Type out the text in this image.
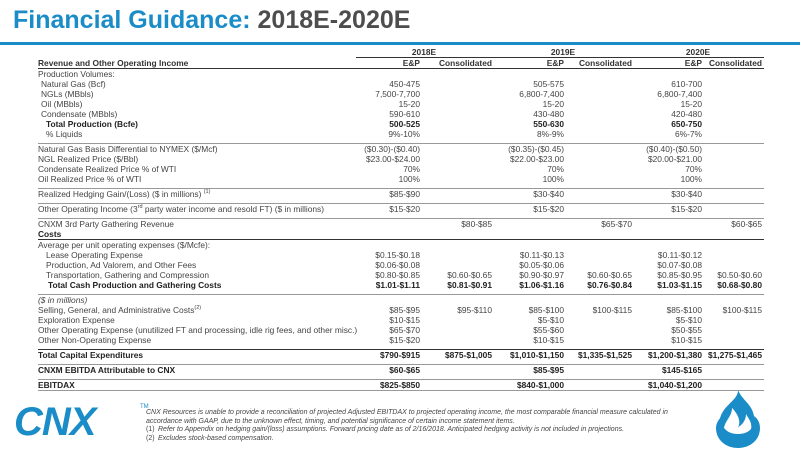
Financial Guidance: 2018E-2020E
	2018E		2019E		2020E	
Revenue and Other Operating Income	E&P	Consolidated	E&P	Consolidated	E&P	Consolidated
Production Volumes:						
Natural Gas (Bcf)	450-475		505-575		610-700	
NGLs (MBbls)	7,500-7,700		6,800-7,400		6,800-7,400	
Oil (MBbls)	15-20		15-20		15-20	
Condensate (MBbls)	590-610		430-480		420-480	
Total Production (Bcfe)	500-525		550-630		650-750	
% Liquids	9%-10%		8%-9%		6%-7%	

Natural Gas Basis Differential to NYMEX ($/Mcf)	($0.30)-($0.40)		($0.35)-($0.45)		($0.40)-($0.50)	
NGL Realized Price ($/Bbl)	$23.00-$24.00		$22.00-$23.00		$20.00-$21.00	
Condensate Realized Price % of WTI	70%		70%		70%	
Oil Realized Price % of WTI	100%		100%		100%	

Realized Hedging Gain/(Loss) ($ in millions) $^{(1)}$	$85-$90		$30-$40		$30-$40	

Other Operating Income (3rd party water income and resold FT) ($ in millions)	$15-$20		$15-$20		$15-$20	

CNXM 3rd Party Gathering Revenue		$80-$85		$65-$70		$60-$65
Costs						
Average per unit operating expenses ($/Mcfe):						
Lease Operating Expense	$0.15-$0.18		$0.11-$0.13		$0.11-$0.12	
Production, Ad Valorem, and Other Fees	$0.06-$0.08		$0.05-$0.06		$0.07-$0.08	
Transportation, Gathering and Compression	$0.80-$0.85	$0.60-$0.65	$0.90-$0.97	$0.60-$0.65	$0.85-$0.95	$0.50-$0.60
Total Cash Production and Gathering Costs	$1.01-$1.11	$0.81-$0.91	$1.06-$1.16	$0.76-$0.84	$1.03-$1.15	$0.68-$0.80

($ in millions)						
Selling, General, and Administrative Costs$^{(2)}$	$85-$95	$95-$110	$85-$100	$100-$115	$85-$100	$100-$115
Exploration Expense	$10-$15		$5-$10		$5-$10	
Other Operating Expense (unutilized FT and processing, idle rig fees, and other misc.)	$65-$70		$55-$60		$50-$55	
Other Non-Operating Expense	$15-$20		$10-$15		$10-$15	

Total Capital Expenditures	$790-$915	$875-$1,005	$1,010-$1,150	$1,335-$1,525	$1,200-$1,380	$1,275-$1,465

CNXM EBITDA Attributable to CNX	$60-$65		$85-$95		$145-$165	

EBITDAX	$825-$850		$840-$1,000		$1,040-$1,200	
CNX	TM

CNX Resources is unable to provide a reconciliation of projected Adjusted EBITDAX to projected operating income, the most comparable financial measure calculated in accordance with GAAP, due to the unknown effect, timing, and potential significance of certain income statement items.

(1) Refer to Appendix on hedging gain/(loss) assumptions. Forward pricing date as of 2/16/2018. Anticipated hedging activity is not included in projections.

(2) Excludes stock-based compensation.

76
